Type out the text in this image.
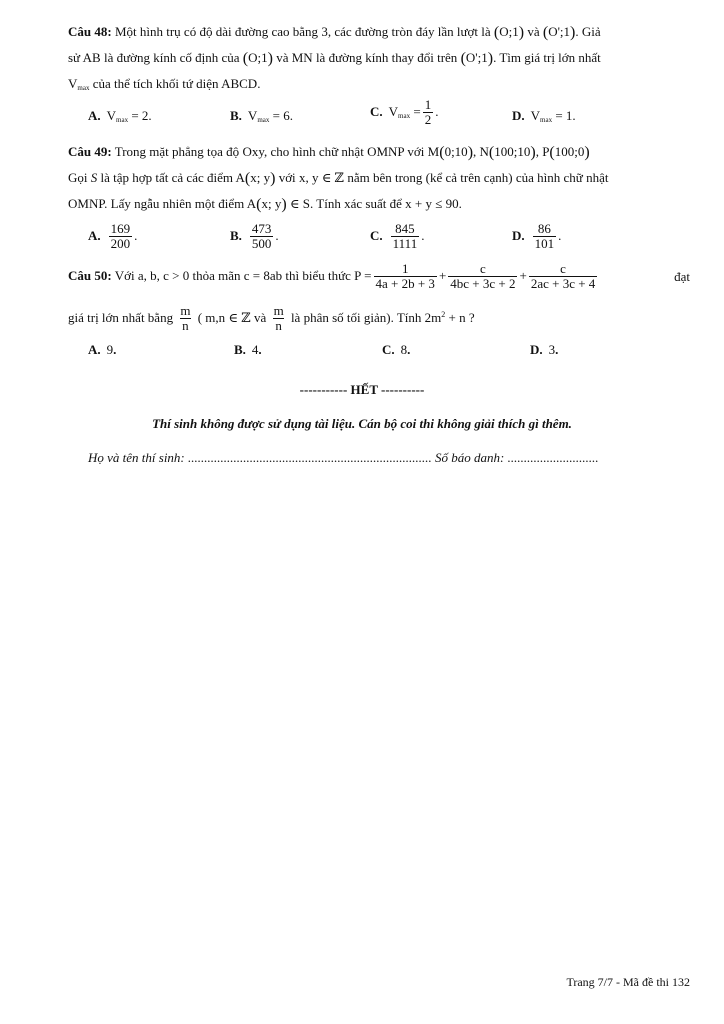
Câu 48: Một hình trụ có độ dài đường cao bằng 3, các đường tròn đáy lần lượt là (O;1) và (O';1). Giả
sử AB là đường kính cố định của (O;1) và MN là đường kính thay đổi trên (O';1). Tìm giá trị lớn nhất
$V_{max}$ của thể tích khối tứ diện ABCD.
A. $V_{max} = 2$.	B. $V_{max} = 6$.	C. $V_{max} = \frac{1}{2}$ .	D. $V_{max} = 1$.
Câu 49: Trong mặt phẳng tọa độ Oxy, cho hình chữ nhật OMNP với M(0;10), N(100;10), P(100;0)
Gọi S là tập hợp tất cả các điểm A(x; y) với x, y ∈ ℤ nằm bên trong (kể cả trên cạnh) của hình chữ nhật
OMNP. Lấy ngẫu nhiên một điểm A(x; y) ∈ S. Tính xác suất để x + y ≤ 90.
A. $\frac{169}{200}$ .	B. $\frac{473}{500}$ .	C. $\frac{845}{1111}$ .	D. $\frac{86}{101}$ .
Câu 50: Với a, b, c > 0 thỏa mãn c = 8ab thì biểu thức $P = \frac{1}{4a + 2b + 3} + \frac{c}{4bc + 3c + 2} + \frac{c}{2ac + 3c + 4}$	đạt
giá trị lớn nhất bằng $\frac{m}{n}$ ( m,n ∈ ℤ và $\frac{m}{n}$ là phân số tối giản). Tính $2m^2 + n$ ?
A. 9.	B. 4.	C. 8.	D. 3.
----------- HẾT ----------
Thí sinh không được sử dụng tài liệu. Cán bộ coi thi không giải thích gì thêm.
Họ và tên thí sinh: ........................................................................... Số báo danh: ............................
Trang 7/7 - Mã đề thi 132
